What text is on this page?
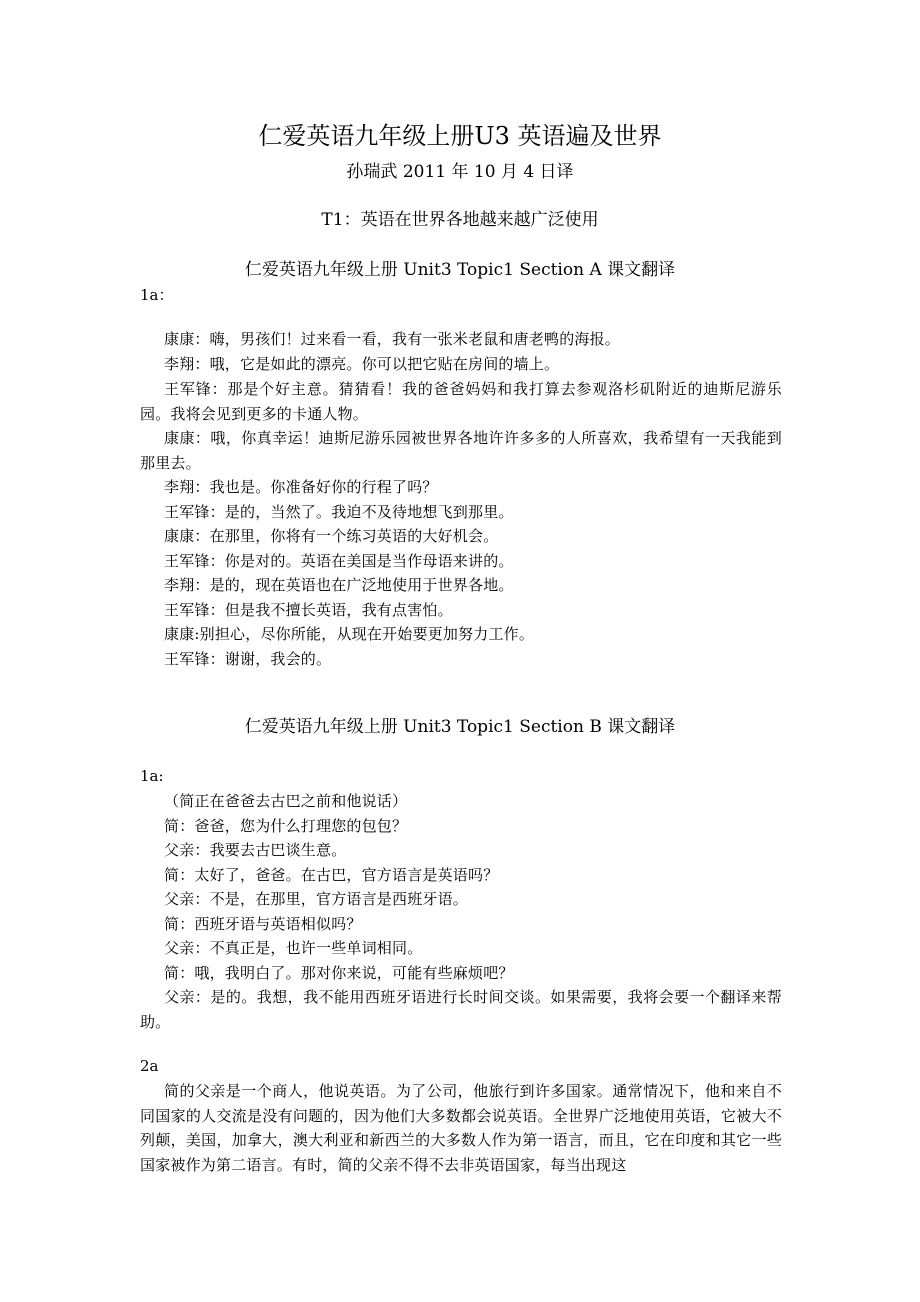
仁爱英语九年级上册U3 英语遍及世界
孙瑞武 2011 年 10 月 4 日译
T1：英语在世界各地越来越广泛使用
仁爱英语九年级上册 Unit3 Topic1 Section A 课文翻译
1a：

康康：嗨，男孩们！过来看一看，我有一张米老鼠和唐老鸭的海报。

李翔：哦，它是如此的漂亮。你可以把它贴在房间的墙上。

王军锋：那是个好主意。猜猜看！我的爸爸妈妈和我打算去参观洛杉矶附近的迪斯尼游乐园。我将会见到更多的卡通人物。

康康：哦，你真幸运！迪斯尼游乐园被世界各地许许多多的人所喜欢，我希望有一天我能到那里去。

李翔：我也是。你准备好你的行程了吗？

王军锋：是的，当然了。我迫不及待地想飞到那里。

康康：在那里，你将有一个练习英语的大好机会。

王军锋：你是对的。英语在美国是当作母语来讲的。

李翔：是的，现在英语也在广泛地使用于世界各地。

王军锋：但是我不擅长英语，我有点害怕。

康康:别担心，尽你所能，从现在开始要更加努力工作。

王军锋：谢谢，我会的。

仁爱英语九年级上册 Unit3 Topic1 Section B 课文翻译
1a:

（简正在爸爸去古巴之前和他说话）

简：爸爸，您为什么打理您的包包？

父亲：我要去古巴谈生意。

简：太好了，爸爸。在古巴，官方语言是英语吗？

父亲：不是，在那里，官方语言是西班牙语。

简：西班牙语与英语相似吗？

父亲：不真正是，也许一些单词相同。

简：哦，我明白了。那对你来说，可能有些麻烦吧？

父亲：是的。我想，我不能用西班牙语进行长时间交谈。如果需要，我将会要一个翻译来帮助。

2a

简的父亲是一个商人，他说英语。为了公司，他旅行到许多国家。通常情况下，他和来自不同国家的人交流是没有问题的，因为他们大多数都会说英语。全世界广泛地使用英语，它被大不列颠，美国，加拿大，澳大利亚和新西兰的大多数人作为第一语言，而且，它在印度和其它一些国家被作为第二语言。有时，简的父亲不得不去非英语国家，每当出现这
